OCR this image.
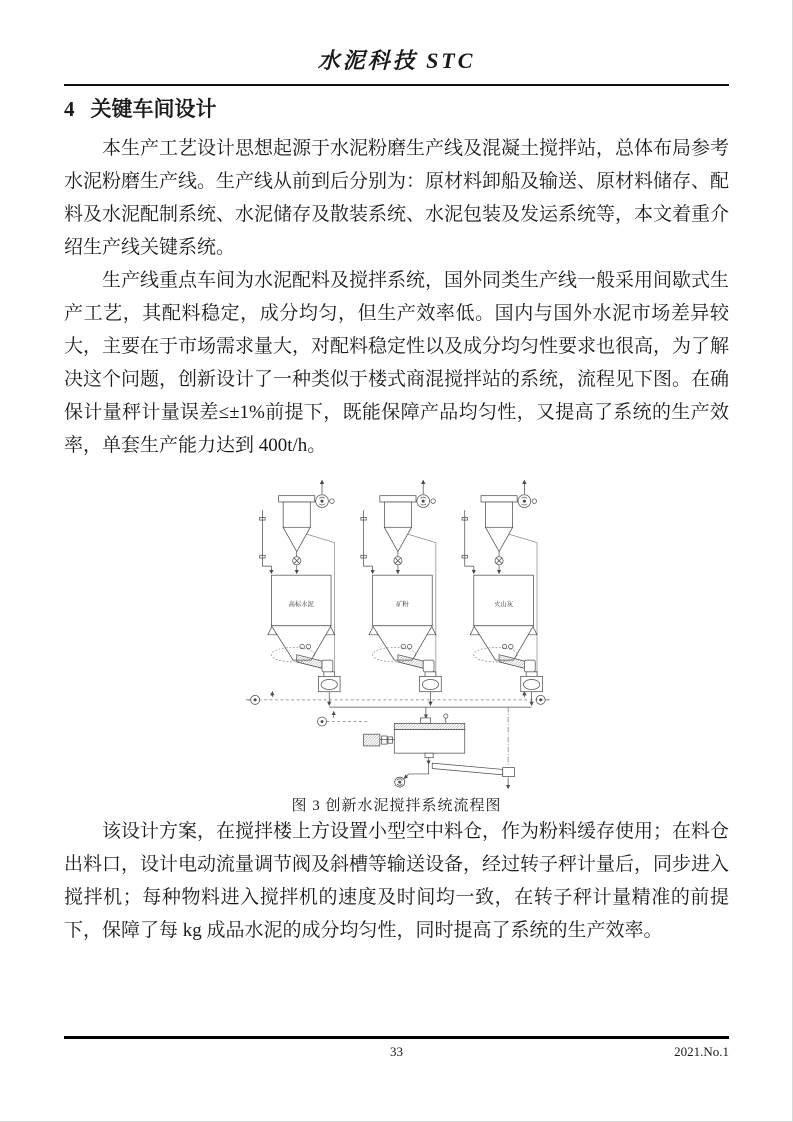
水泥科技 STC
4 关键车间设计

本生产工艺设计思想起源于水泥粉磨生产线及混凝土搅拌站，总体布局参考水泥粉磨生产线。生产线从前到后分别为：原材料卸船及输送、原材料储存、配料及水泥配制系统、水泥储存及散装系统、水泥包装及发运系统等，本文着重介绍生产线关键系统。

生产线重点车间为水泥配料及搅拌系统，国外同类生产线一般采用间歇式生产工艺，其配料稳定，成分均匀，但生产效率低。国内与国外水泥市场差异较大，主要在于市场需求量大，对配料稳定性以及成分均匀性要求也很高，为了解决这个问题，创新设计了一种类似于楼式商混搅拌站的系统，流程见下图。在确保计量秤计量误差≤±1%前提下，既能保障产品均匀性，又提高了系统的生产效率，单套生产能力达到 400t/h。

高标水泥	矿粉	火山灰
图 3 创新水泥搅拌系统流程图

该设计方案，在搅拌楼上方设置小型空中料仓，作为粉料缓存使用；在料仓出料口，设计电动流量调节阀及斜槽等输送设备，经过转子秤计量后，同步进入搅拌机；每种物料进入搅拌机的速度及时间均一致，在转子秤计量精准的前提下，保障了每 kg 成品水泥的成分均匀性，同时提高了系统的生产效率。

33	2021.No.1
